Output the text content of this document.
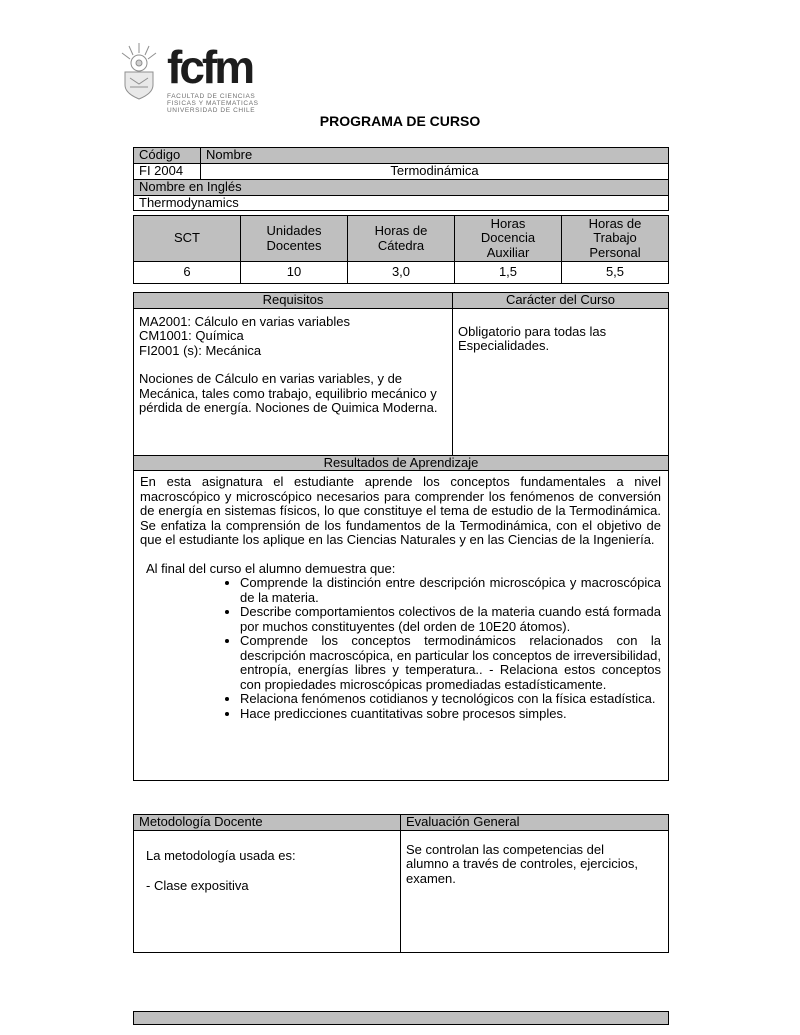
fcfm
FACULTAD DE CIENCIAS
FISICAS Y MATEMATICAS
UNIVERSIDAD DE CHILE
PROGRAMA DE CURSO
Código	Nombre
FI 2004	Termodinámica
Nombre en Inglés	
Thermodynamics	
SCT	Unidades Docentes	Horas de Cátedra	Horas Docencia Auxiliar	Horas de Trabajo Personal

6	10	3,0	1,5	5,5
Requisitos	Carácter del Curso

MA2001: Cálculo en varias variables
CM1001: Química
FI2001 (s): Mecánica
Nociones de Cálculo en varias variables, y de Mecánica, tales como trabajo, equilibrio mecánico y pérdida de energía. Nociones de Quimica Moderna.	Obligatorio para todas las Especialidades.

Resultados de Aprendizaje	

En esta asignatura el estudiante aprende los conceptos fundamentales a nivel macroscópico y microscópico necesarios para comprender los fenómenos de conversión de energía en sistemas físicos, lo que constituye el tema de estudio de la Termodinámica. Se enfatiza la comprensión de los fundamentos de la Termodinámica, con el objetivo de que el estudiante los aplique en las Ciencias Naturales y en las Ciencias de la Ingeniería.

Al final del curso el alumno demuestra que:

• Comprende la distinción entre descripción microscópica y macroscópica de la materia.
• Describe comportamientos colectivos de la materia cuando está formada por muchos constituyentes (del orden de 10E20 átomos).
• Comprende los conceptos termodinámicos relacionados con la descripción macroscópica, en particular los conceptos de irreversibilidad, entropía, energías libres y temperatura.. - Relaciona estos conceptos con propiedades microscópicas promediadas estadísticamente.
• Relaciona fenómenos cotidianos y tecnológicos con la física estadística.
• Hace predicciones cuantitativas sobre procesos simples.
Metodología Docente	Evaluación General

La metodología usada es:
- Clase expositiva	Se controlan las competencias del alumno a través de controles, ejercicios, examen.
